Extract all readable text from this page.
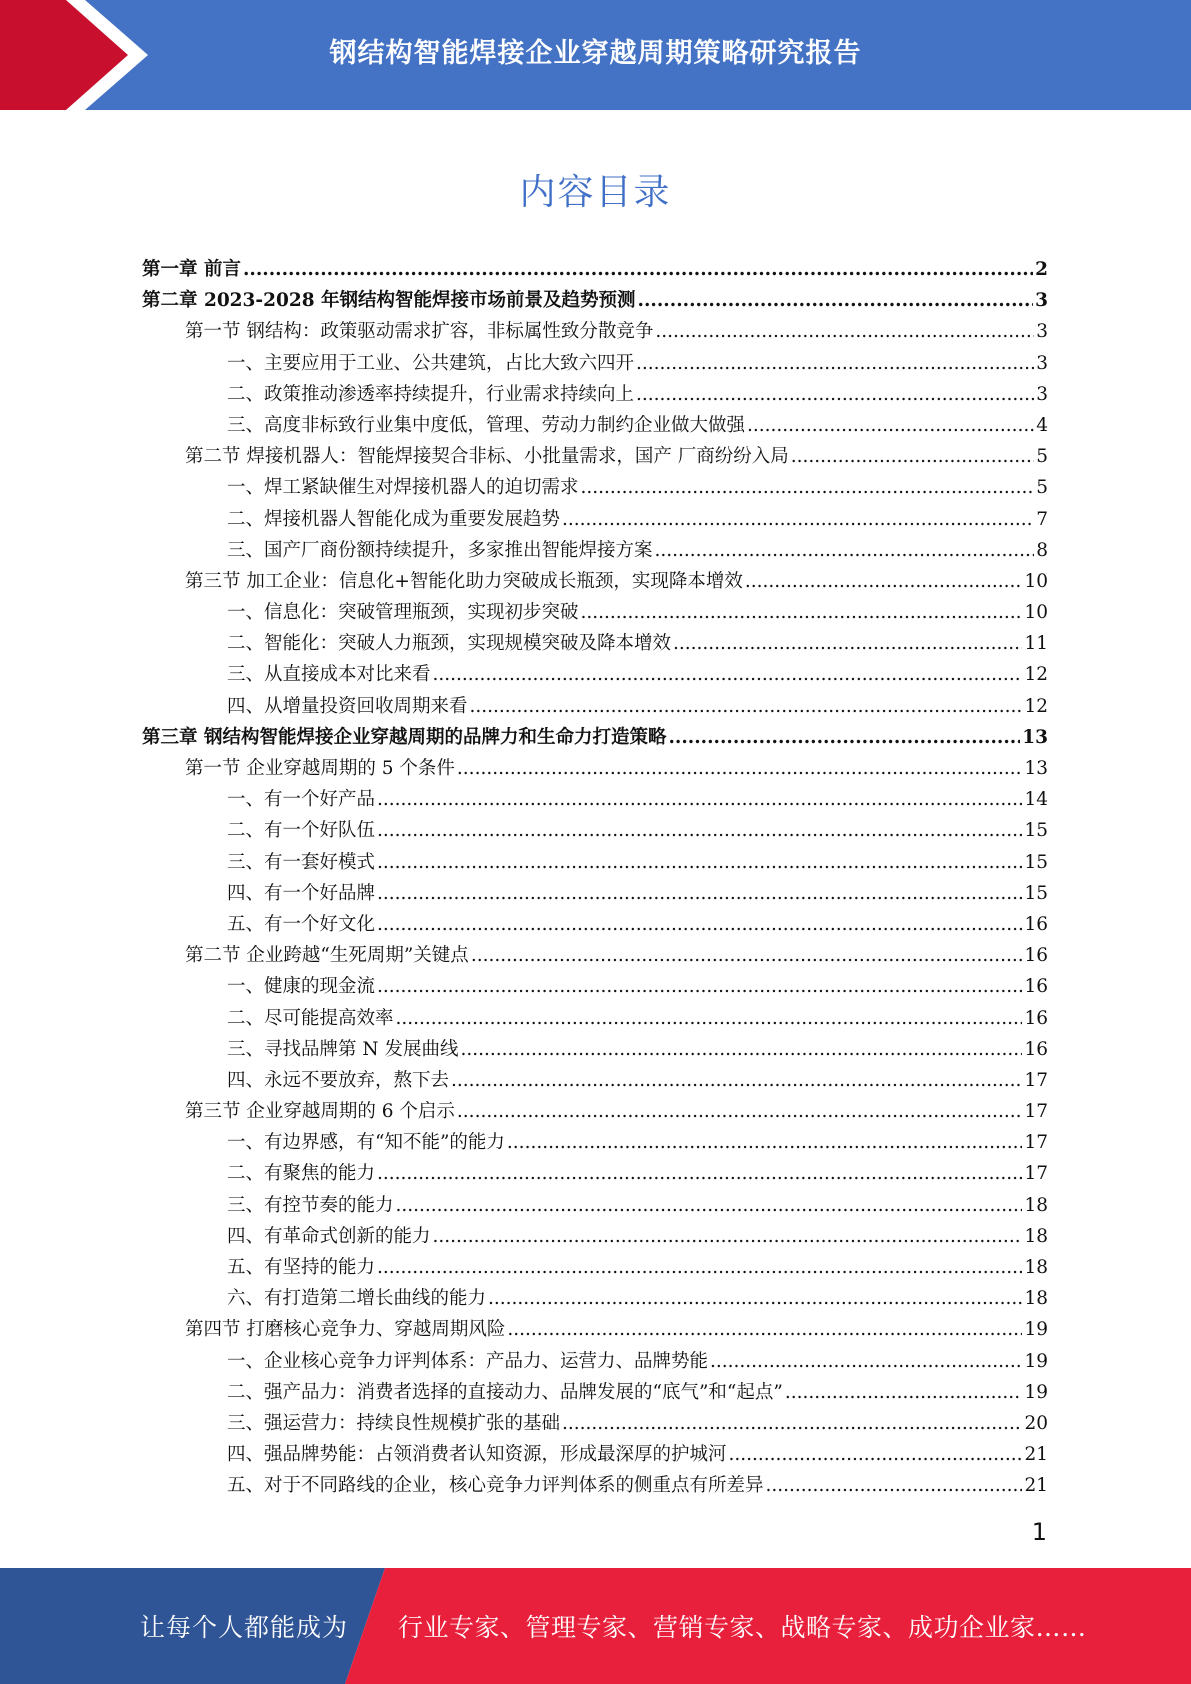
钢结构智能焊接企业穿越周期策略研究报告
内容目录
第一章 前言 .....	2
第二章 2023-2028 年钢结构智能焊接市场前景及趋势预测 .....	3
第一节 钢结构：政策驱动需求扩容，非标属性致分散竞争 .....	3
一、主要应用于工业、公共建筑，占比大致六四开 .....	3
二、政策推动渗透率持续提升，行业需求持续向上 .....	3
三、高度非标致行业集中度低，管理、劳动力制约企业做大做强 .....	4
第二节 焊接机器人：智能焊接契合非标、小批量需求，国产 厂商纷纷入局 .....	5
一、焊工紧缺催生对焊接机器人的迫切需求 .....	5
二、焊接机器人智能化成为重要发展趋势 .....	7
三、国产厂商份额持续提升，多家推出智能焊接方案 .....	8
第三节 加工企业：信息化+智能化助力突破成长瓶颈，实现降本增效 .....	10
一、信息化：突破管理瓶颈，实现初步突破 .....	10
二、智能化：突破人力瓶颈，实现规模突破及降本增效 .....	11
三、从直接成本对比来看 .....	12
四、从增量投资回收周期来看 .....	12
第三章 钢结构智能焊接企业穿越周期的品牌力和生命力打造策略 .....	13
第一节 企业穿越周期的 5 个条件 .....	13
一、有一个好产品 .....	14
二、有一个好队伍 .....	15
三、有一套好模式 .....	15
四、有一个好品牌 .....	15
五、有一个好文化 .....	16
第二节 企业跨越“生死周期”关键点 .....	16
一、健康的现金流 .....	16
二、尽可能提高效率 .....	16
三、寻找品牌第 N 发展曲线 .....	16
四、永远不要放弃，熬下去 .....	17
第三节 企业穿越周期的 6 个启示 .....	17
一、有边界感，有“知不能”的能力 .....	17
二、有聚焦的能力 .....	17
三、有控节奏的能力 .....	18
四、有革命式创新的能力 .....	18
五、有坚持的能力 .....	18
六、有打造第二增长曲线的能力 .....	18
第四节 打磨核心竞争力、穿越周期风险 .....	19
一、企业核心竞争力评判体系：产品力、运营力、品牌势能 .....	19
二、强产品力：消费者选择的直接动力、品牌发展的“底气”和“起点” .....	19
三、强运营力：持续良性规模扩张的基础 .....	20
四、强品牌势能：占领消费者认知资源，形成最深厚的护城河 .....	21
五、对于不同路线的企业，核心竞争力评判体系的侧重点有所差异 .....	21
1
让每个人都能成为 行业专家、管理专家、营销专家、战略专家、成功企业家……
